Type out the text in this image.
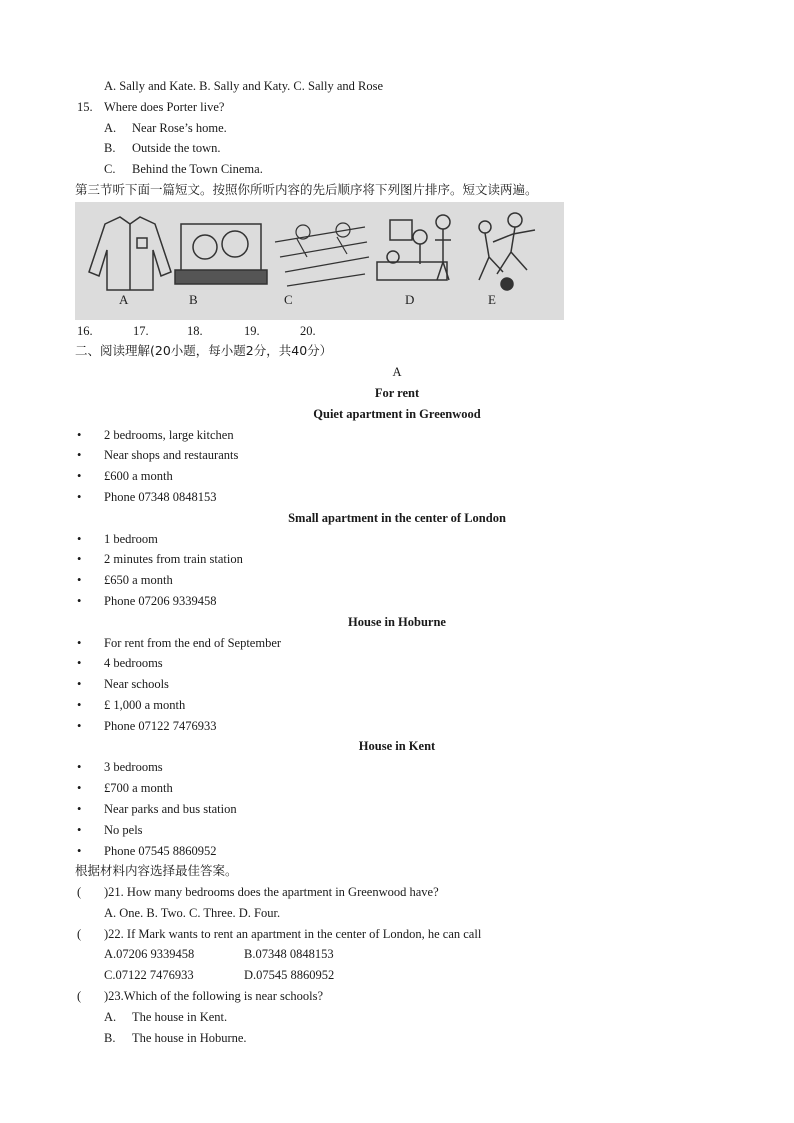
A. Sally and Kate. B. Sally and Katy. C. Sally and Rose
15. Where does Porter live?
A. Near Rose’s home.
B. Outside the town.
C. Behind the Town Cinema.
第三节听下面一篇短文。按照你所听内容的先后顺序将下列图片排序。短文读两遍。
A	B	C	D	E
16.	17.	18.	19.	20.
二、阅读理解(20小题，每小题2分，共40分）
A
For rent
Quiet apartment in Greenwood
• 2 bedrooms, large kitchen
• Near shops and restaurants
• £600 a month
• Phone 07348 0848153
Small apartment in the center of London
• 1 bedroom
• 2 minutes from train station
• £650 a month
• Phone 07206 9339458
House in Hoburne
• For rent from the end of September
• 4 bedrooms
• Near schools
• £ 1,000 a month
• Phone 07122 7476933
House in Kent
• 3 bedrooms
• £700 a month
• Near parks and bus station
• No pels
• Phone 07545 8860952
根据材料内容选择最佳答案。
( )21. How many bedrooms does the apartment in Greenwood have?
A. One. B. Two. C. Three. D. Four.
( )22. If Mark wants to rent an apartment in the center of London, he can call
A.07206 9339458	B.07348 0848153
C.07122 7476933	D.07545 8860952
( )23.Which of the following is near schools?
A. The house in Kent.
B. The house in Hoburne.
